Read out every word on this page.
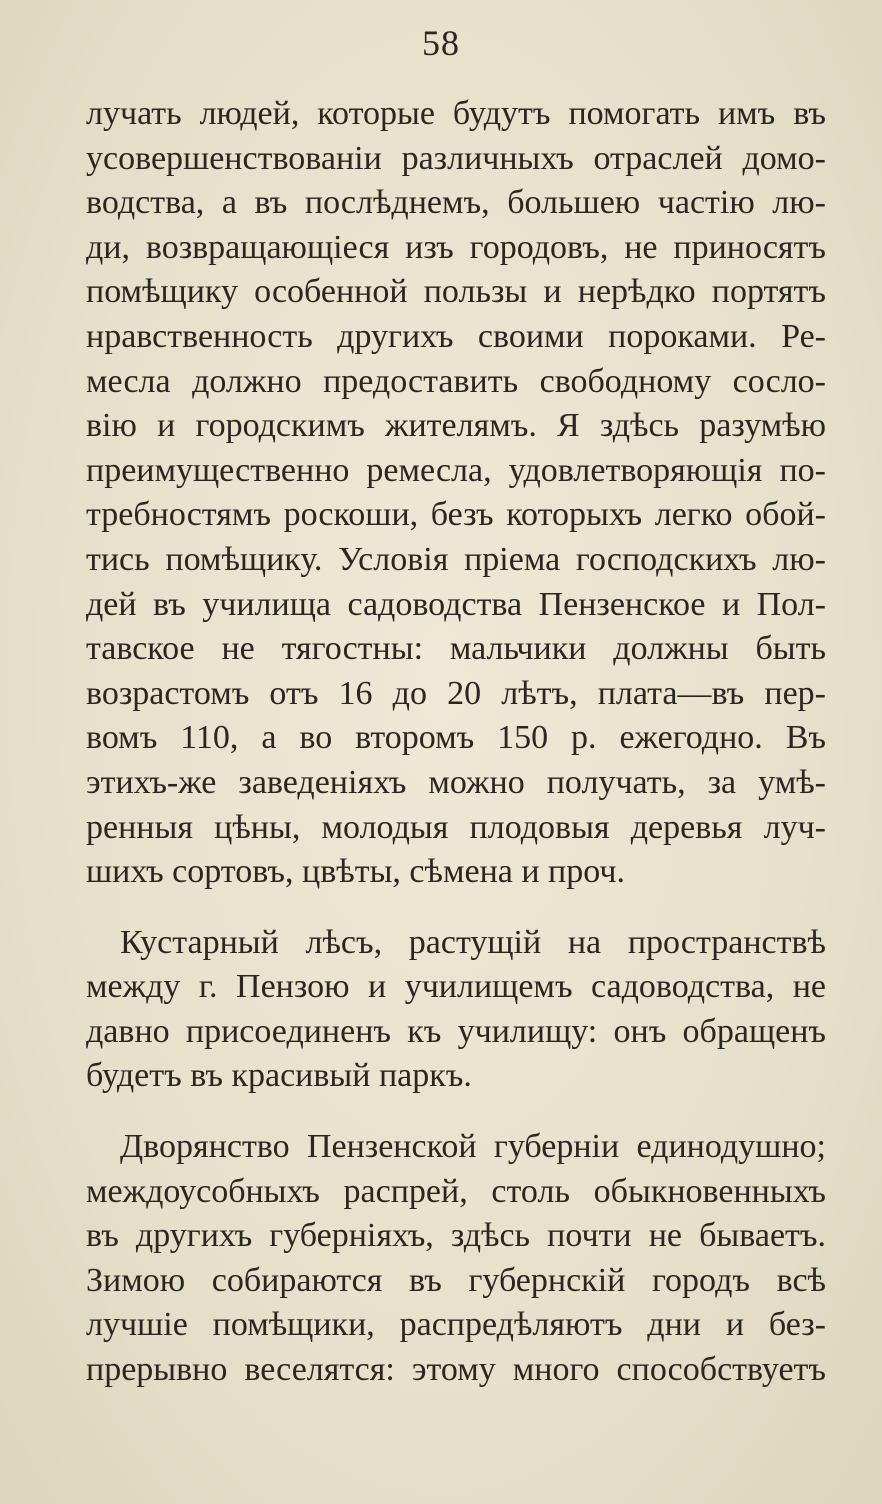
58
лучать людей, которые будутъ помогать имъ въ
усовершенствованіи различныхъ отраслей домо-
водства, а въ послѣднемъ, большею частію лю-
ди, возвращающіеся изъ городовъ, не приносятъ
помѣщику особенной пользы и нерѣдко портятъ
нравственность другихъ своими пороками. Ре-
месла должно предоставить свободному сосло-
вію и городскимъ жителямъ. Я здѣсь разумѣю
преимущественно ремесла, удовлетворяющія по-
требностямъ роскоши, безъ которыхъ легко обой-
тись помѣщику. Условія пріема господскихъ лю-
дей въ училища садоводства Пензенское и Пол-
тавское не тягостны: мальчики должны быть
возрастомъ отъ 16 до 20 лѣтъ, плата—въ пер-
вомъ 110, а во второмъ 150 р. ежегодно. Въ
этихъ-же заведеніяхъ можно получать, за умѣ-
ренныя цѣны, молодыя плодовыя деревья луч-
шихъ сортовъ, цвѣты, сѣмена и проч.
Кустарный лѣсъ, растущій на пространствѣ
между г. Пензою и училищемъ садоводства, не
давно присоединенъ къ училищу: онъ обращенъ
будетъ въ красивый паркъ.
Дворянство Пензенской губерніи единодушно;
междоусобныхъ распрей, столь обыкновенныхъ
въ другихъ губерніяхъ, здѣсь почти не бываетъ.
Зимою собираются въ губернскій городъ всѣ
лучшіе помѣщики, распредѣляютъ дни и без-
прерывно веселятся: этому много способствуетъ
